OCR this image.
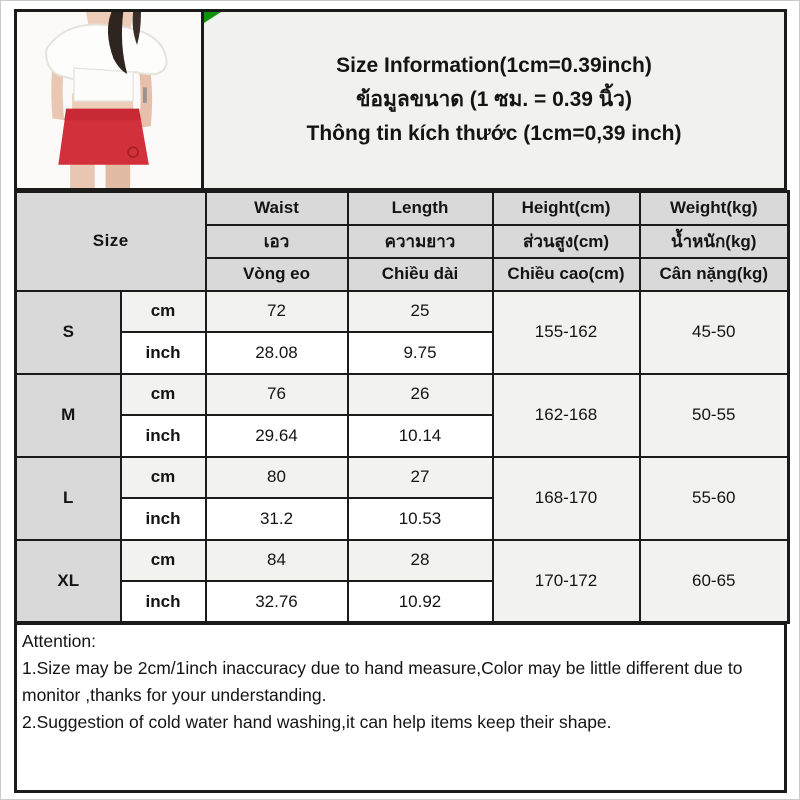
Size Information(1cm=0.39inch)
ข้อมูลขนาด (1 ซม. = 0.39 นิ้ว)
Thông tin kích thước (1cm=0,39 inch)
Size		Waist	Length	Height(cm)	Weight(kg)
		เอว	ความยาว	ส่วนสูง(cm)	น้ำหนัก(kg)
		Vòng eo	Chiều dài	Chiều cao(cm)	Cân nặng(kg)
S	cm	72	25	155-162	45-50
	inch	28.08	9.75		
M	cm	76	26	162-168	50-55
	inch	29.64	10.14		
L	cm	80	27	168-170	55-60
	inch	31.2	10.53		
XL	cm	84	28	170-172	60-65
	inch	32.76	10.92		
Attention:
1.Size may be 2cm/1inch inaccuracy due to hand measure,Color may be little different due to monitor ,thanks for your understanding.
2.Suggestion of cold water hand washing,it can help items keep their shape.
